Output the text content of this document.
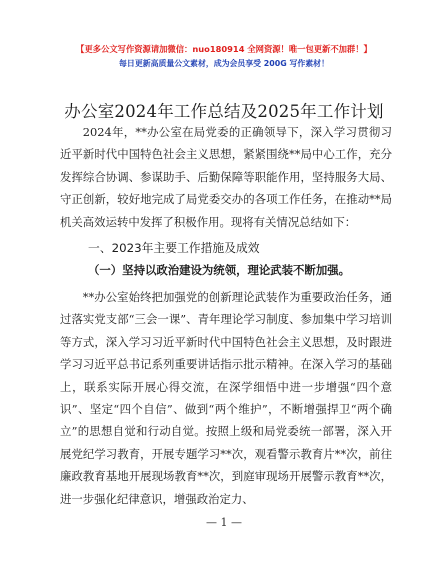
【更多公文写作资源请加微信：nuo180914 全网资源！唯一包更新不加群！】
每日更新高质量公文素材，成为会员享受 200G 写作素材！
办公室2024年工作总结及2025年工作计划

2024年，**办公室在局党委的正确领导下，深入学习贯彻习近平新时代中国特色社会主义思想，紧紧围绕**局中心工作，充分发挥综合协调、参谋助手、后勤保障等职能作用，坚持服务大局、守正创新，较好地完成了局党委交办的各项工作任务，在推动**局机关高效运转中发挥了积极作用。现将有关情况总结如下：

一、2023年主要工作措施及成效
（一）坚持以政治建设为统领，理论武装不断加强。

**办公室始终把加强党的创新理论武装作为重要政治任务，通过落实党支部“三会一课”、青年理论学习制度、参加集中学习培训等方式，深入学习习近平新时代中国特色社会主义思想，及时跟进学习习近平总书记系列重要讲话指示批示精神。在深入学习的基础上，联系实际开展心得交流，在深学细悟中进一步增强“四个意识”、坚定“四个自信”、做到“两个维护”，不断增强捍卫“两个确立”的思想自觉和行动自觉。按照上级和局党委统一部署，深入开展党纪学习教育，开展专题学习**次，观看警示教育片**次，前往廉政教育基地开展现场教育**次，到庭审现场开展警示教育**次，进一步强化纪律意识，增强政治定力、

— 1 —
